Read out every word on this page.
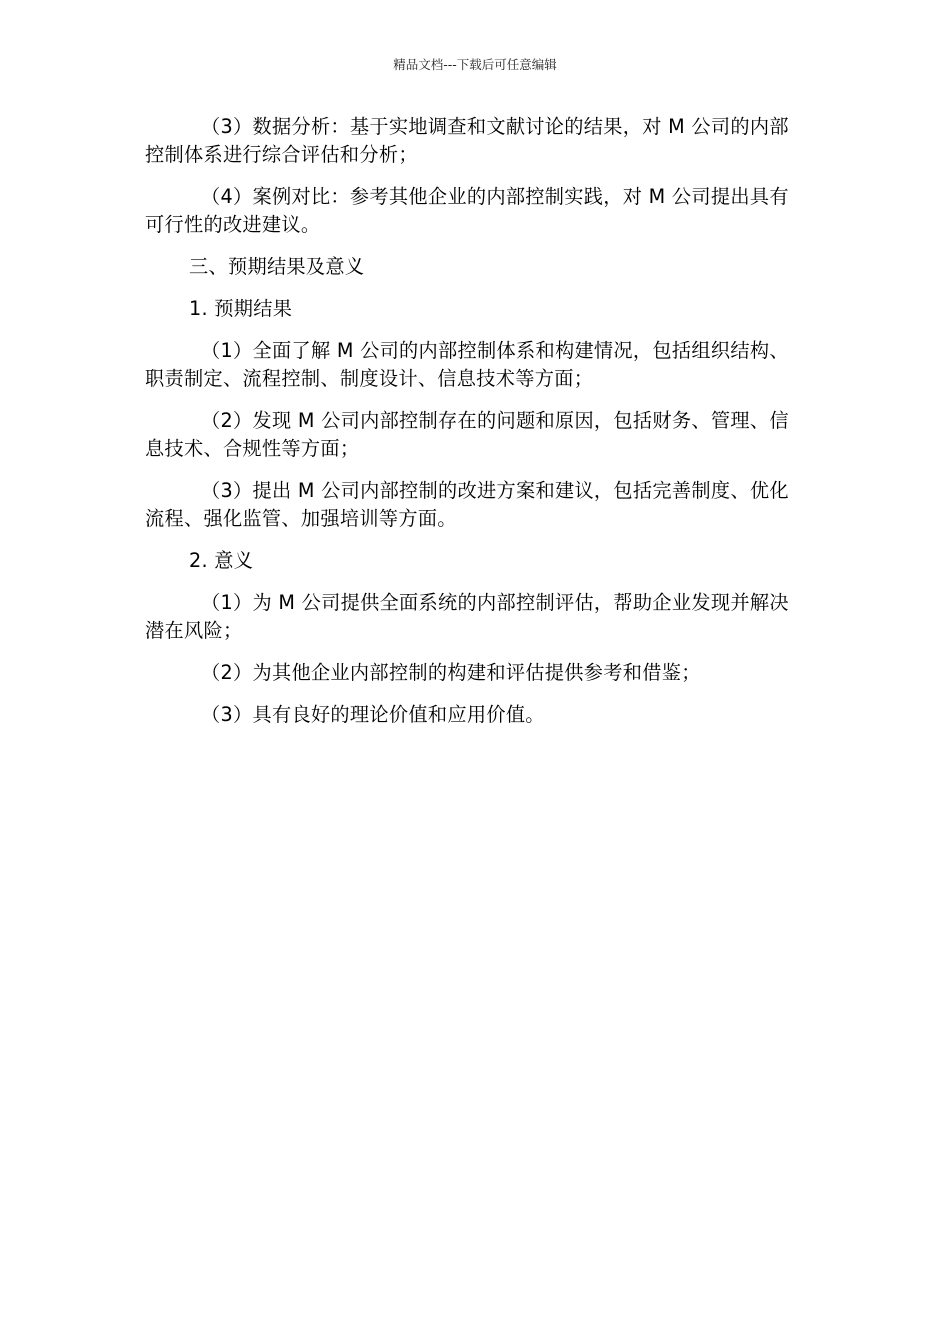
精品文档---下载后可任意编辑

（3）数据分析：基于实地调查和文献讨论的结果，对 M 公司的内部控制体系进行综合评估和分析；

（4）案例对比：参考其他企业的内部控制实践，对 M 公司提出具有可行性的改进建议。

三、预期结果及意义

1. 预期结果

（1）全面了解 M 公司的内部控制体系和构建情况，包括组织结构、职责制定、流程控制、制度设计、信息技术等方面；

（2）发现 M 公司内部控制存在的问题和原因，包括财务、管理、信息技术、合规性等方面；

（3）提出 M 公司内部控制的改进方案和建议，包括完善制度、优化流程、强化监管、加强培训等方面。

2. 意义

（1）为 M 公司提供全面系统的内部控制评估，帮助企业发现并解决潜在风险；

（2）为其他企业内部控制的构建和评估提供参考和借鉴；

（3）具有良好的理论价值和应用价值。
